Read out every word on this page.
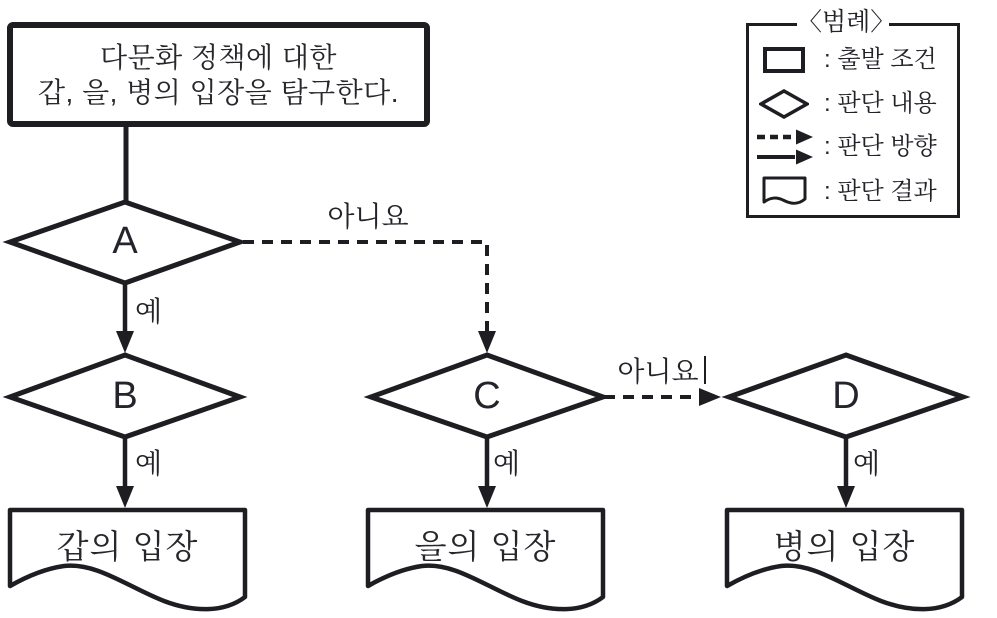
다문화 정책에 대한
갑, 을, 병의 입장을 탐구한다.
A
B	C	D
예
예	예	예
아니요
아니요
갑의 입장	을의 입장	병의 입장
〈범례〉
: 출발 조건
: 판단 내용
: 판단 방향
: 판단 결과
